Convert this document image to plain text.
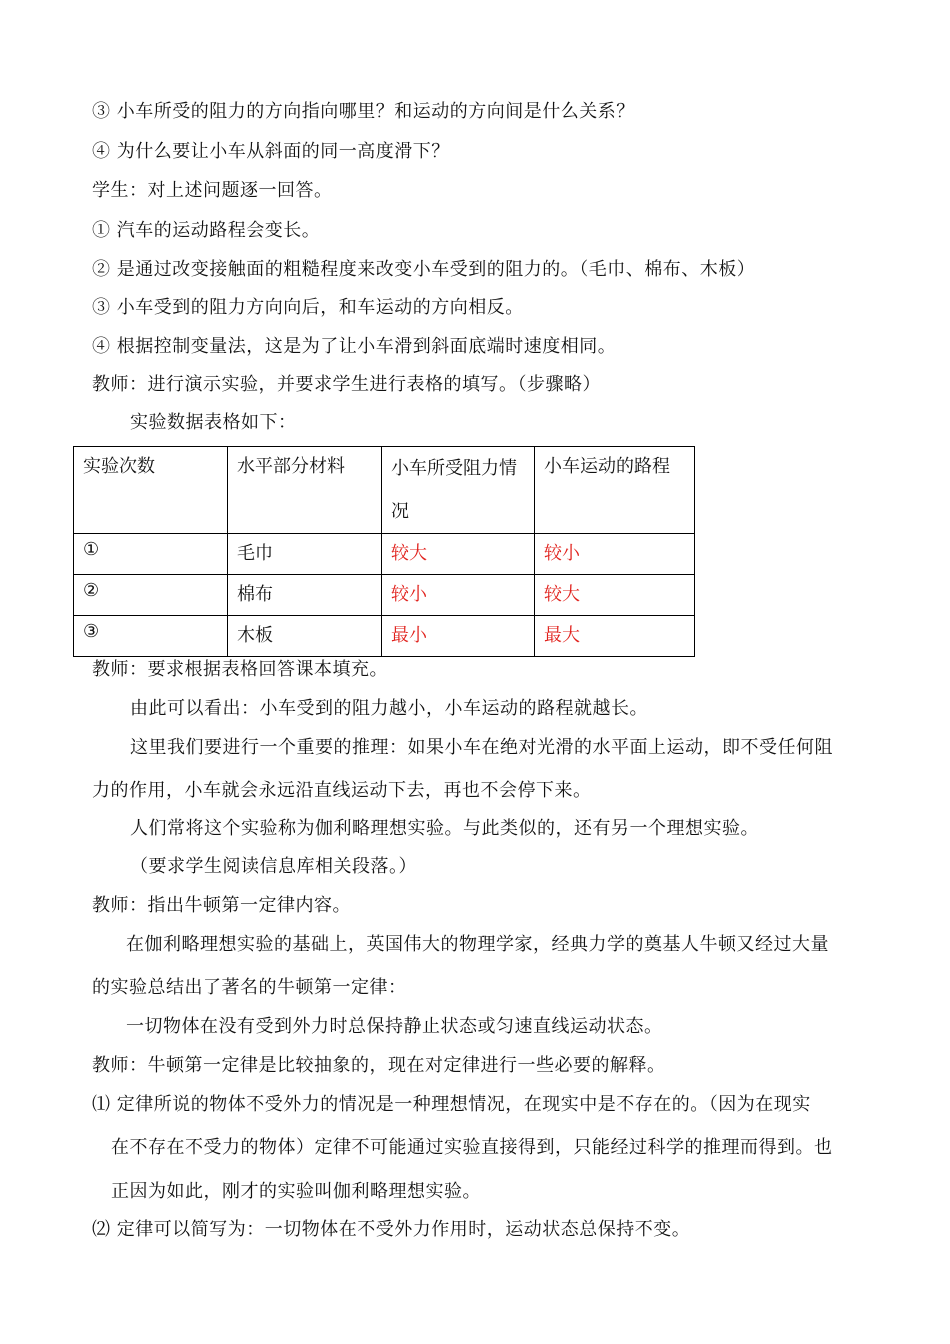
③ 小车所受的阻力的方向指向哪里？和运动的方向间是什么关系？
④ 为什么要让小车从斜面的同一高度滑下？
学生：对上述问题逐一回答。
① 汽车的运动路程会变长。
② 是通过改变接触面的粗糙程度来改变小车受到的阻力的。（毛巾、棉布、木板）
③ 小车受到的阻力方向向后，和车运动的方向相反。
④ 根据控制变量法，这是为了让小车滑到斜面底端时速度相同。
教师：进行演示实验，并要求学生进行表格的填写。（步骤略）
实验数据表格如下：
实验次数	水平部分材料	小车所受阻力情况	小车运动的路程
①	毛巾	较大	较小
②	棉布	较小	较大
③	木板	最小	最大
教师：要求根据表格回答课本填充。
由此可以看出：小车受到的阻力越小，小车运动的路程就越长。
这里我们要进行一个重要的推理：如果小车在绝对光滑的水平面上运动，即不受任何阻
力的作用，小车就会永远沿直线运动下去，再也不会停下来。
人们常将这个实验称为伽利略理想实验。与此类似的，还有另一个理想实验。
（要求学生阅读信息库相关段落。）
教师：指出牛顿第一定律内容。
在伽利略理想实验的基础上，英国伟大的物理学家，经典力学的奠基人牛顿又经过大量
的实验总结出了著名的牛顿第一定律：
一切物体在没有受到外力时总保持静止状态或匀速直线运动状态。
教师：牛顿第一定律是比较抽象的，现在对定律进行一些必要的解释。
⑴ 定律所说的物体不受外力的情况是一种理想情况，在现实中是不存在的。（因为在现实
在不存在不受力的物体）定律不可能通过实验直接得到，只能经过科学的推理而得到。也
正因为如此，刚才的实验叫伽利略理想实验。
⑵ 定律可以简写为：一切物体在不受外力作用时，运动状态总保持不变。
